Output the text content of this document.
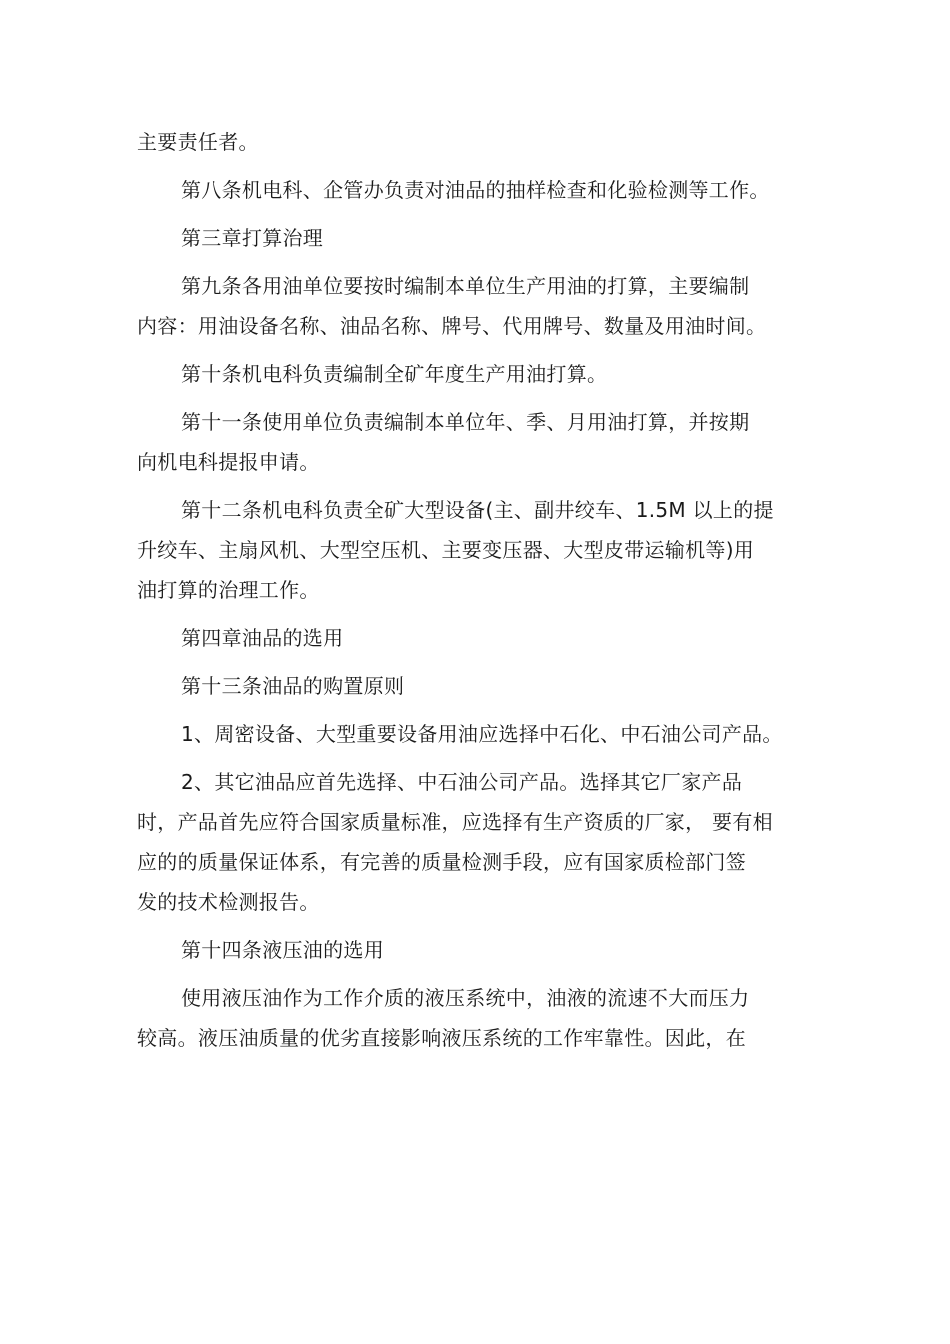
主要责任者。

第八条机电科、企管办负责对油品的抽样检查和化验检测等工作。

第三章打算治理

第九条各用油单位要按时编制本单位生产用油的打算，主要编制
内容：用油设备名称、油品名称、牌号、代用牌号、数量及用油时间。

第十条机电科负责编制全矿年度生产用油打算。

第十一条使用单位负责编制本单位年、季、月用油打算，并按期
向机电科提报申请。

第十二条机电科负责全矿大型设备(主、副井绞车、1.5M 以上的提
升绞车、主扇风机、大型空压机、主要变压器、大型皮带运输机等)用
油打算的治理工作。

第四章油品的选用

第十三条油品的购置原则

1、周密设备、大型重要设备用油应选择中石化、中石油公司产品。

2、其它油品应首先选择、中石油公司产品。选择其它厂家产品
时，产品首先应符合国家质量标准，应选择有生产资质的厂家， 要有相
应的的质量保证体系，有完善的质量检测手段，应有国家质检部门签
发的技术检测报告。

第十四条液压油的选用

使用液压油作为工作介质的液压系统中，油液的流速不大而压力
较高。液压油质量的优劣直接影响液压系统的工作牢靠性。因此，在
